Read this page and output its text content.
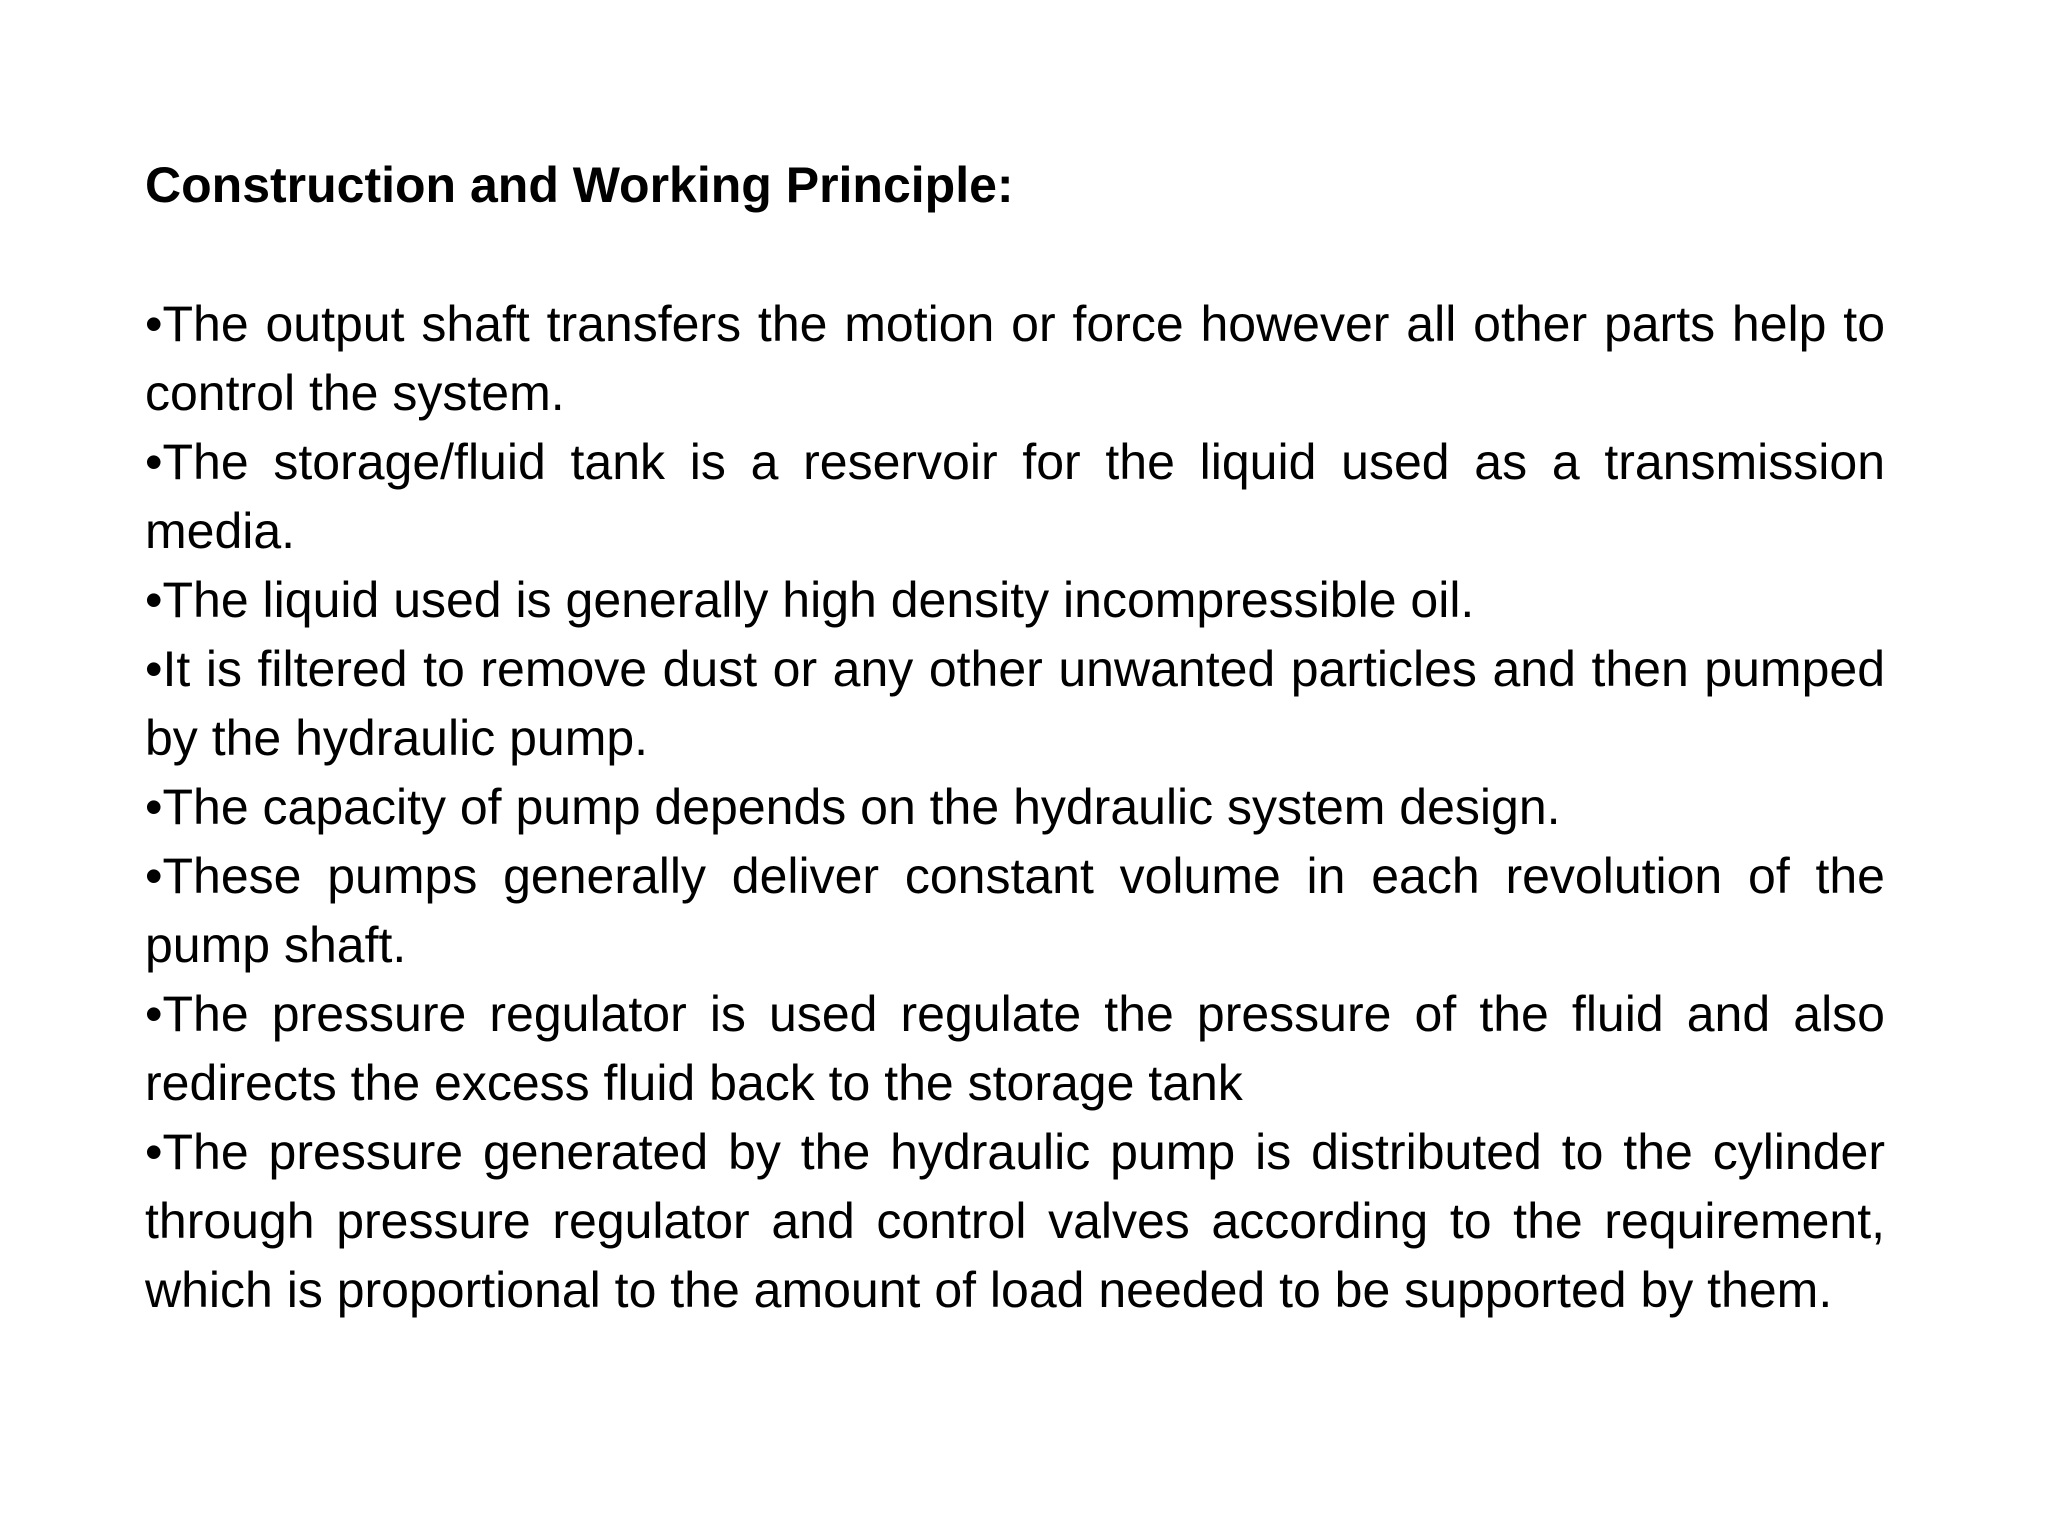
Construction and Working Principle:
•The output shaft transfers the motion or force however all other parts help to control the system.
•The storage/fluid tank is a reservoir for the liquid used as a transmission media.
•The liquid used is generally high density incompressible oil.
•It is filtered to remove dust or any other unwanted particles and then pumped by the hydraulic pump.
•The capacity of pump depends on the hydraulic system design.
•These pumps generally deliver constant volume in each revolution of the pump shaft.
•The pressure regulator is used regulate the pressure of the fluid and also redirects the excess fluid back to the storage tank
•The pressure generated by the hydraulic pump is distributed to the cylinder through pressure regulator and control valves according to the requirement, which is proportional to the amount of load needed to be supported by them.
